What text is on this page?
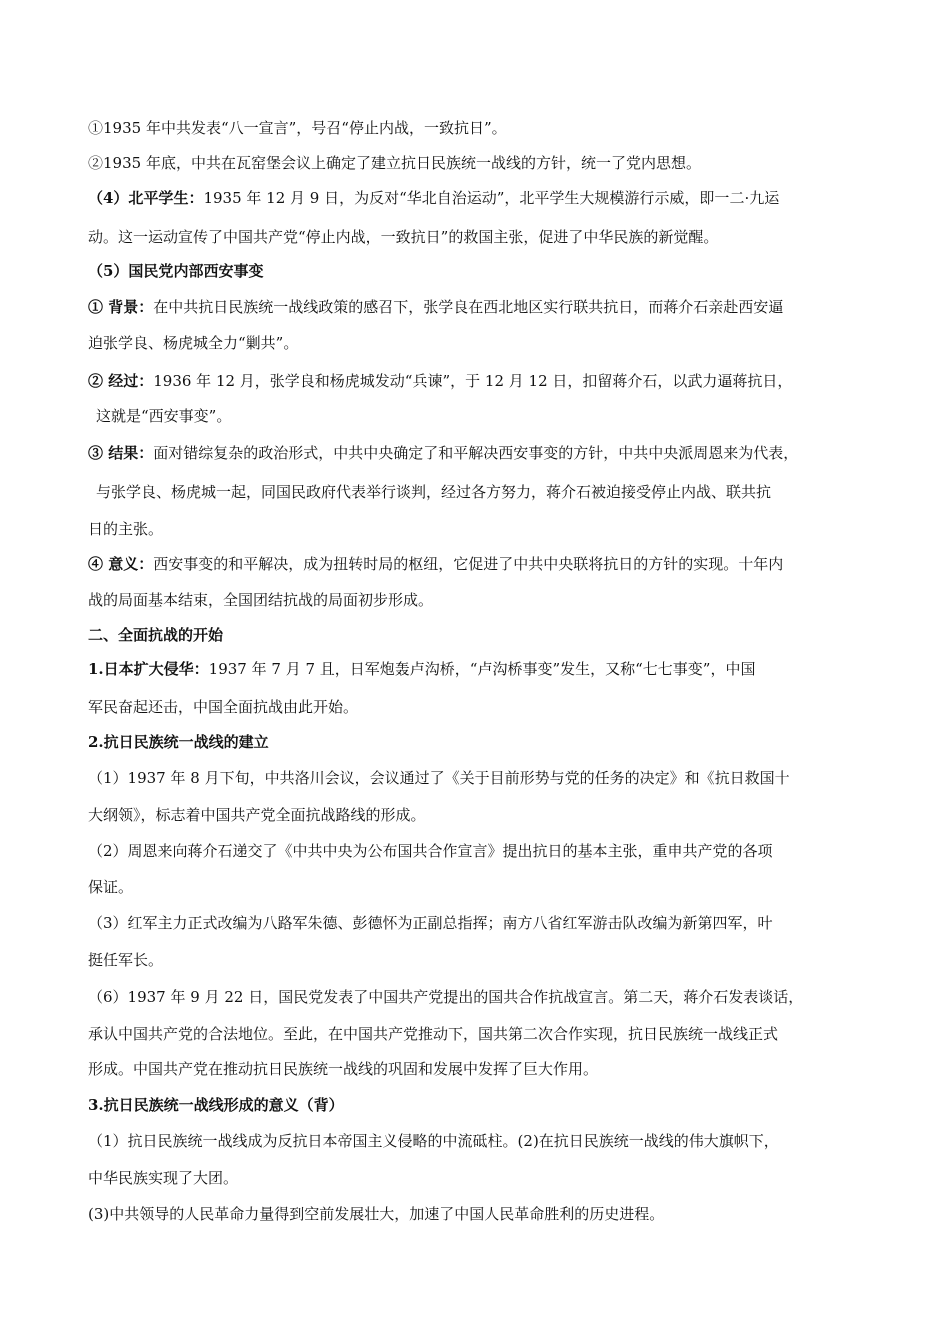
①1935 年中共发表“八一宣言”，号召“停止内战，一致抗日”。
②1935 年底，中共在瓦窑堡会议上确定了建立抗日民族统一战线的方针，统一了党内思想。
（4）北平学生：1935 年 12 月 9 日，为反对“华北自治运动”，北平学生大规模游行示威，即一二·九运
动。这一运动宣传了中国共产党“停止内战，一致抗日”的救国主张，促进了中华民族的新觉醒。
（5）国民党内部西安事变
① 背景：在中共抗日民族统一战线政策的感召下，张学良在西北地区实行联共抗日，而蒋介石亲赴西安逼
迫张学良、杨虎城全力“剿共”。
② 经过：1936 年 12 月，张学良和杨虎城发动“兵谏”，于 12 月 12 日，扣留蒋介石，以武力逼蒋抗日，
这就是“西安事变”。
③ 结果：面对错综复杂的政治形式，中共中央确定了和平解决西安事变的方针，中共中央派周恩来为代表，
与张学良、杨虎城一起，同国民政府代表举行谈判，经过各方努力，蒋介石被迫接受停止内战、联共抗
日的主张。
④ 意义：西安事变的和平解决，成为扭转时局的枢纽，它促进了中共中央联将抗日的方针的实现。十年内
战的局面基本结束，全国团结抗战的局面初步形成。
二、全面抗战的开始
1.日本扩大侵华：1937 年 7 月 7 且，日军炮轰卢沟桥，“卢沟桥事变”发生，又称“七七事变”，中国
军民奋起还击，中国全面抗战由此开始。
2.抗日民族统一战线的建立
（1）1937 年 8 月下旬，中共洛川会议，会议通过了《关于目前形势与党的任务的决定》和《抗日救国十
大纲领》，标志着中国共产党全面抗战路线的形成。
（2）周恩来向蒋介石递交了《中共中央为公布国共合作宣言》提出抗日的基本主张，重申共产党的各项
保证。
（3）红军主力正式改编为八路军朱德、彭德怀为正副总指挥；南方八省红军游击队改编为新第四军，叶
挺任军长。
（6）1937 年 9 月 22 日，国民党发表了中国共产党提出的国共合作抗战宣言。第二天，蒋介石发表谈话，
承认中国共产党的合法地位。至此，在中国共产党推动下，国共第二次合作实现，抗日民族统一战线正式
形成。中国共产党在推动抗日民族统一战线的巩固和发展中发挥了巨大作用。
3.抗日民族统一战线形成的意义（背）
（1）抗日民族统一战线成为反抗日本帝国主义侵略的中流砥柱。(2)在抗日民族统一战线的伟大旗帜下，
中华民族实现了大团。
(3)中共领导的人民革命力量得到空前发展壮大，加速了中国人民革命胜利的历史进程。
